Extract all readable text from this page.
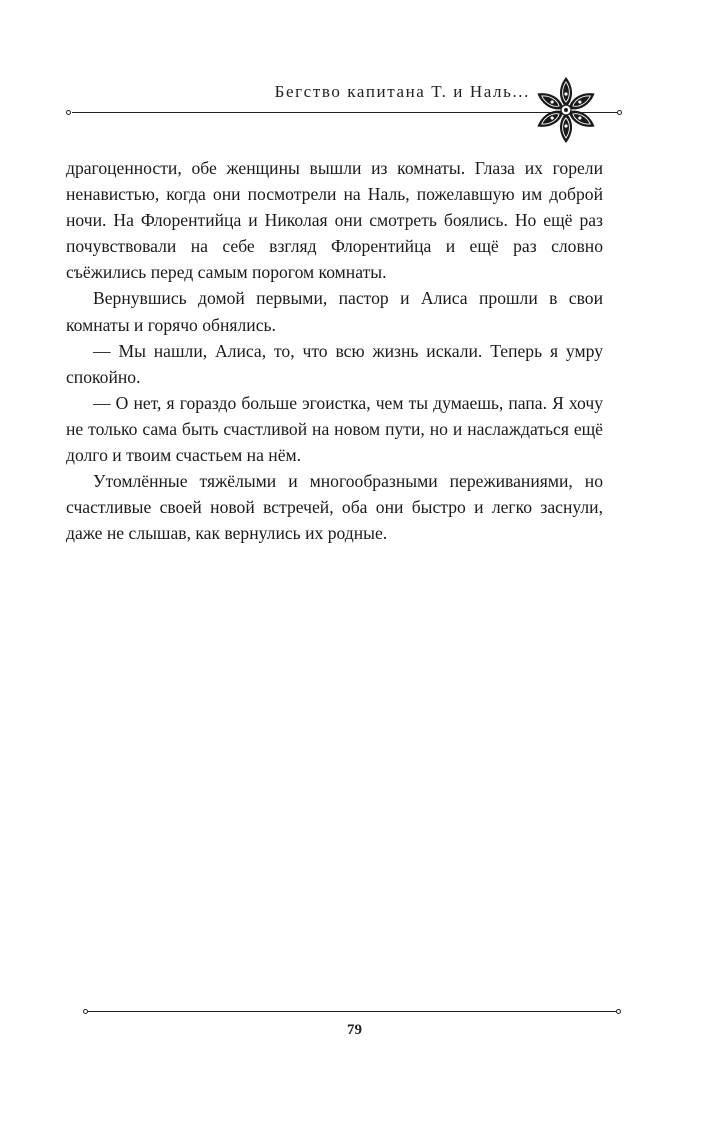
Бегство капитана Т. и Наль...

драгоценности, обе женщины вышли из комнаты. Глаза их горели ненавистью, когда они посмотрели на Наль, пожелавшую им доброй ночи. На Флорентийца и Николая они смотреть боялись. Но ещё раз почувствовали на себе взгляд Флорентийца и ещё раз словно съёжились перед самым порогом комнаты.

Вернувшись домой первыми, пастор и Алиса прошли в свои комнаты и горячо обнялись.

— Мы нашли, Алиса, то, что всю жизнь искали. Теперь я умру спокойно.

— О нет, я гораздо больше эгоистка, чем ты думаешь, папа. Я хочу не только сама быть счастливой на новом пути, но и наслаждаться ещё долго и твоим счастьем на нём.

Утомлённые тяжёлыми и многообразными переживаниями, но счастливые своей новой встречей, оба они быстро и легко заснули, даже не слышав, как вернулись их родные.

79
